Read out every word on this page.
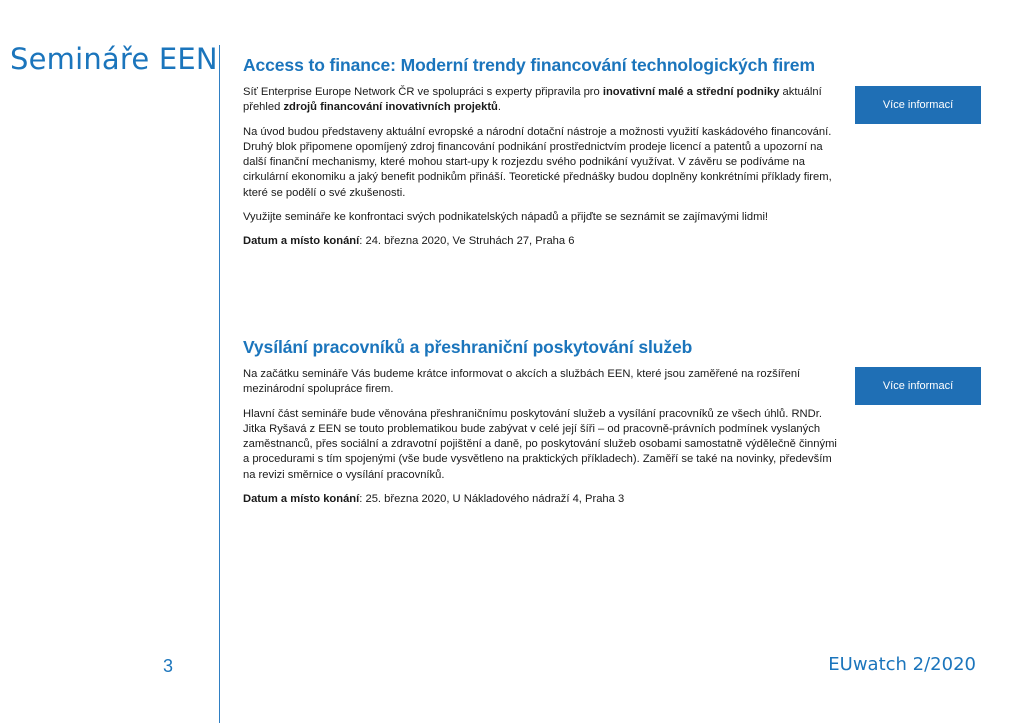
Semináře EEN Access to finance: Moderní trendy financování technologických firem

Síť Enterprise Europe Network ČR ve spolupráci s experty připravila pro inovativní malé a střední podniky aktuální přehled zdrojů financování inovativních projektů.

Na úvod budou představeny aktuální evropské a národní dotační nástroje a možnosti využití kaskádového financování. Druhý blok připomene opomíjený zdroj financování podnikání prostřednictvím prodeje licencí a patentů a upozorní na další finanční mechanismy, které mohou start-upy k rozjezdu svého podnikání využívat. V závěru se podíváme na cirkulární ekonomiku a jaký benefit podnikům přináší. Teoretické přednášky budou doplněny konkrétními příklady firem, které se podělí o své zkušenosti.

Využijte semináře ke konfrontaci svých podnikatelských nápadů a přijďte se seznámit se zajímavými lidmi!

Datum a místo konání: 24. března 2020, Ve Struhách 27, Praha 6

Více informací
Vysílání pracovníků a přeshraniční poskytování služeb

Na začátku semináře Vás budeme krátce informovat o akcích a službách EEN, které jsou zaměřené na rozšíření mezinárodní spolupráce firem.

Hlavní část semináře bude věnována přeshraničnímu poskytování služeb a vysílání pracovníků ze všech úhlů. RNDr. Jitka Ryšavá z EEN se touto problematikou bude zabývat v celé její šíři – od pracovně-právních podmínek vyslaných zaměstnanců, přes sociální a zdravotní pojištění a daně, po poskytování služeb osobami samostatně výdělečně činnými a procedurami s tím spojenými (vše bude vysvětleno na praktických příkladech). Zaměří se také na novinky, především na revizi směrnice o vysílání pracovníků.

Datum a místo konání: 25. března 2020, U Nákladového nádraží 4, Praha 3

Více informací
3	EUwatch 2/2020
